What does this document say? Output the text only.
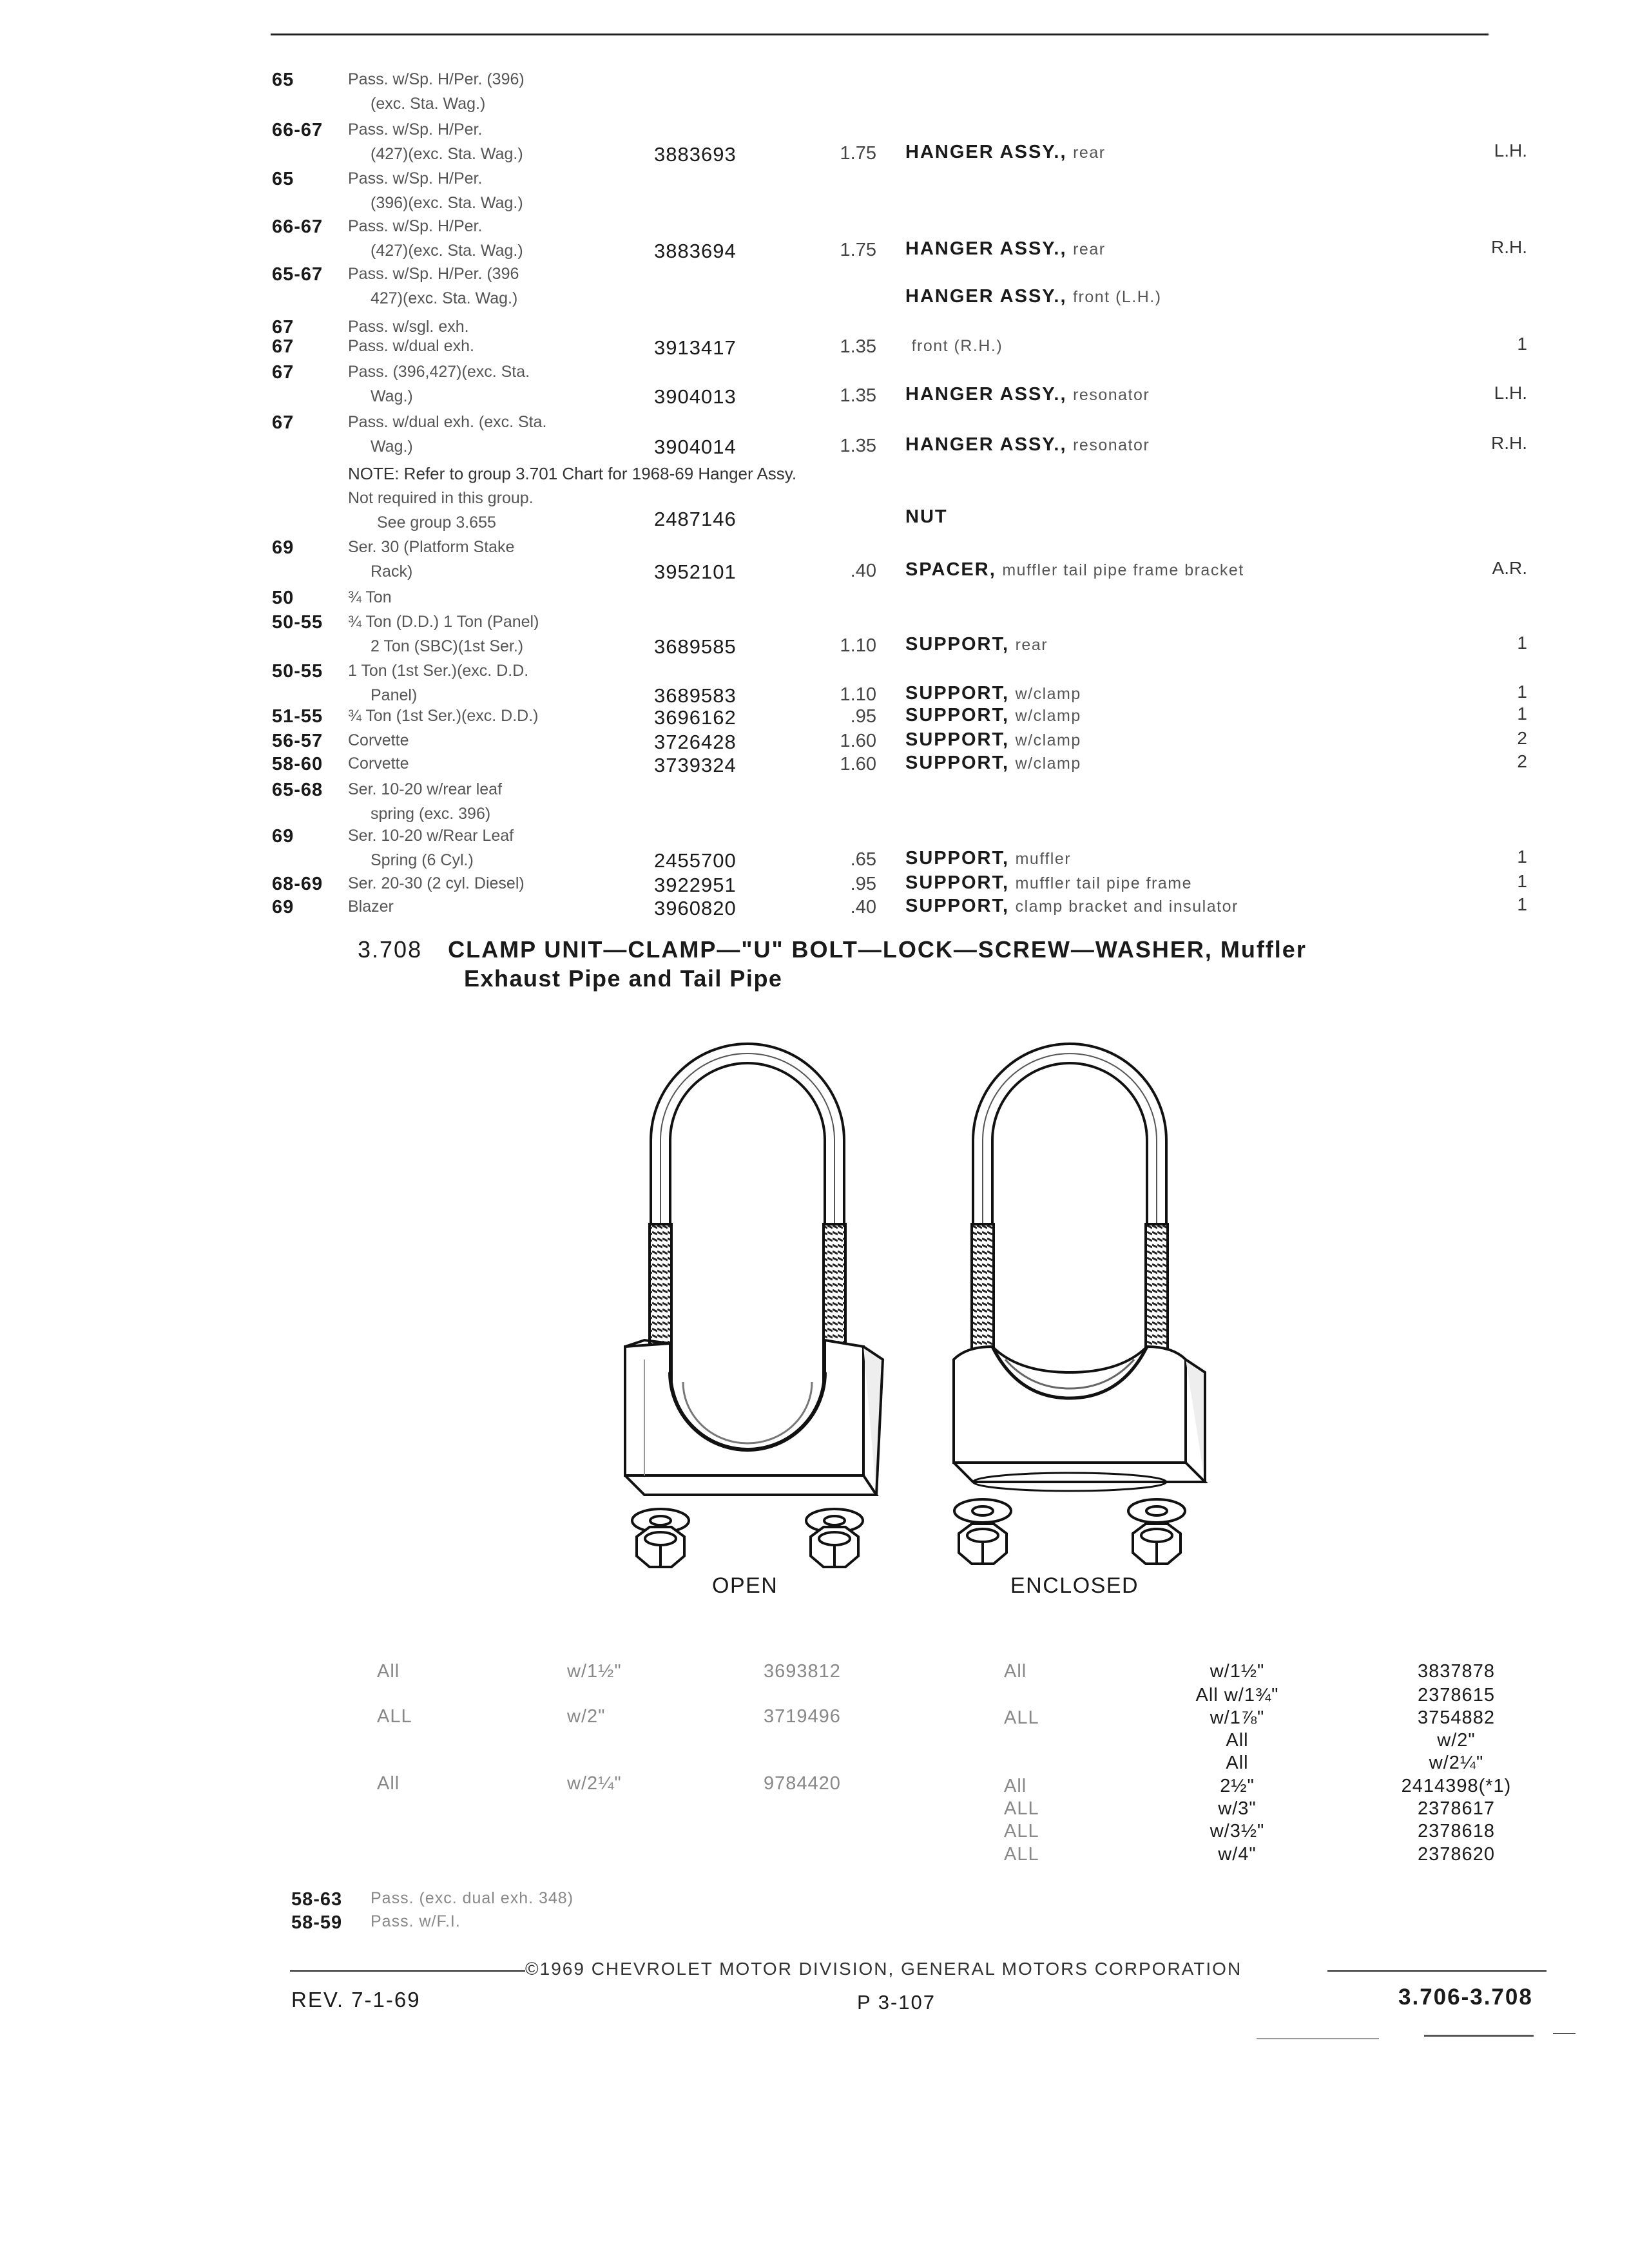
65	Pass. w/Sp. H/Per. (396)
(exc. Sta. Wag.)

66-67 Pass. w/Sp. H/Per.
(427)(exc. Sta. Wag.)	3883693	1.75 HANGER ASSY., rear	L.H.
65	Pass. w/Sp. H/Per.
(396)(exc. Sta. Wag.)

66-67 Pass. w/Sp. H/Per.
(427)(exc. Sta. Wag.)	3883694	1.75 HANGER ASSY., rear	R.H.
65-67 Pass. w/Sp. H/Per. (396
427)(exc. Sta. Wag.)	HANGER ASSY., front (L.H.)
67	Pass. w/sgl. exh.

67	Pass. w/dual exh.	3913417	1.35	front (R.H.)	1
67	Pass. (396,427)(exc. Sta.
Wag.)	3904013	1.35 HANGER ASSY., resonator	L.H.
67	Pass. w/dual exh. (exc. Sta.
Wag.)	3904014	1.35 HANGER ASSY., resonator	R.H.
NOTE: Refer to group 3.701 Chart for 1968-69 Hanger Assy.
Not required in this group.
See group 3.655	2487146	NUT
69	Ser. 30 (Platform Stake
Rack)	3952101	.40 SPACER, muffler tail pipe frame bracket	A.R.
50	¾ Ton

50-55 ¾ Ton (D.D.) 1 Ton (Panel)
2 Ton (SBC)(1st Ser.)	3689585	1.10 SUPPORT, rear	1
50-55 1 Ton (1st Ser.)(exc. D.D.
Panel)	3689583	1.10 SUPPORT, w/clamp	1
51-55 ¾ Ton (1st Ser.)(exc. D.D.)	3696162	.95 SUPPORT, w/clamp	1
56-57 Corvette	3726428	1.60 SUPPORT, w/clamp	2
58-60 Corvette	3739324	1.60 SUPPORT, w/clamp	2
65-68 Ser. 10-20 w/rear leaf
spring (exc. 396)

69	Ser. 10-20 w/Rear Leaf
Spring (6 Cyl.)	2455700	.65 SUPPORT, muffler	1
68-69 Ser. 20-30 (2 cyl. Diesel)	3922951	.95 SUPPORT, muffler tail pipe frame	1
69	Blazer	3960820	.40 SUPPORT, clamp bracket and insulator	1
3.708 CLAMP UNIT—CLAMP—"U" BOLT—LOCK—SCREW—WASHER, Muffler
Exhaust Pipe and Tail Pipe
OPEN	ENCLOSED
All	w/1½"	3693812
ALL	w/2"	3719496
All	w/2¼"	9784420
All	w/1½"	3837878
All w/1¾"	2378615
ALL	w/1⅞"	3754882
All	w/2"
All	w/2¼"
All	2½"	2414398(*1)
ALL	w/3"	2378617
ALL	w/3½"	2378618
ALL	w/4"	2378620
58-63 Pass. (exc. dual exh. 348)
58-59 Pass. w/F.I.
©1969 CHEVROLET MOTOR DIVISION, GENERAL MOTORS CORPORATION
REV. 7-1-69	P 3-107	3.706-3.708
